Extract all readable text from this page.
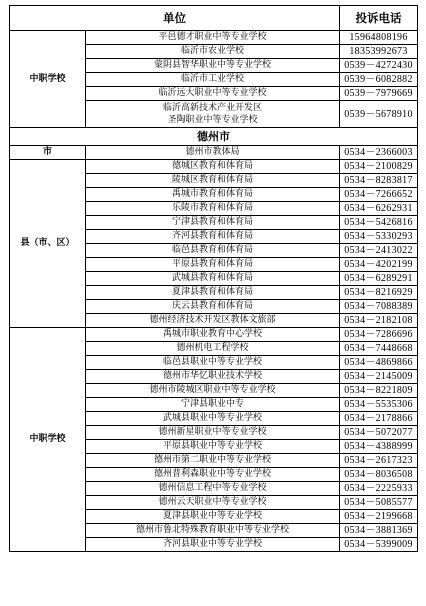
单位		投诉电话
中职学校	平邑德才职业中等专业学校	15964808196
	临沂市农业学校	18353992673
	蒙阴县智华职业中等专业学校	0539－4272430
	临沂市工业学校	0539－6082882
	临沂远大职业中等专业学校	0539－7979669
	临沂高新技术产业开发区
圣陶职业中等专业学校	0539－5678910
德州市		
市	德州市教体局	0534－2366003
县（市、区）	德城区教育和体育局	0534－2100829
	陵城区教育和体育局	0534－8283817
	禹城市教育和体育局	0534－7266652
	乐陵市教育和体育局	0534－6262931
	宁津县教育和体育局	0534－5426816
	齐河县教育和体育局	0534－5330293
	临邑县教育和体育局	0534－2413022
	平原县教育和体育局	0534－4202199
	武城县教育和体育局	0534－6289291
	夏津县教育和体育局	0534－8216929
	庆云县教育和体育局	0534－7088389
	德州经济技术开发区教体文旅部	0534－2182108
中职学校	禹城市职业教育中心学校	0534－7286696
	德州机电工程学校	0534－7448668
	临邑县职业中等专业学校	0534－4869866
	德州市华忆职业技术学校	0534－2145009
	德州市陵城区职业中等专业学校	0534－8221809
	宁津县职业中专	0534－5535306
	武城县职业中等专业学校	0534－2178866
	德州新星职业中等专业学校	0534－5072077
	平原县职业中等专业学校	0534－4388999
	德州市第二职业中等专业学校	0534－2617323
	德州普利森职业中等专业学校	0534－8036508
	德州信息工程中等专业学校	0534－2225933
	德州云天职业中等专业学校	0534－5085577
	夏津县职业中等专业学校	0534－2199668
	德州市鲁北特殊教育职业中等专业学校	0534－3881369
	齐河县职业中等专业学校	0534－5399009
